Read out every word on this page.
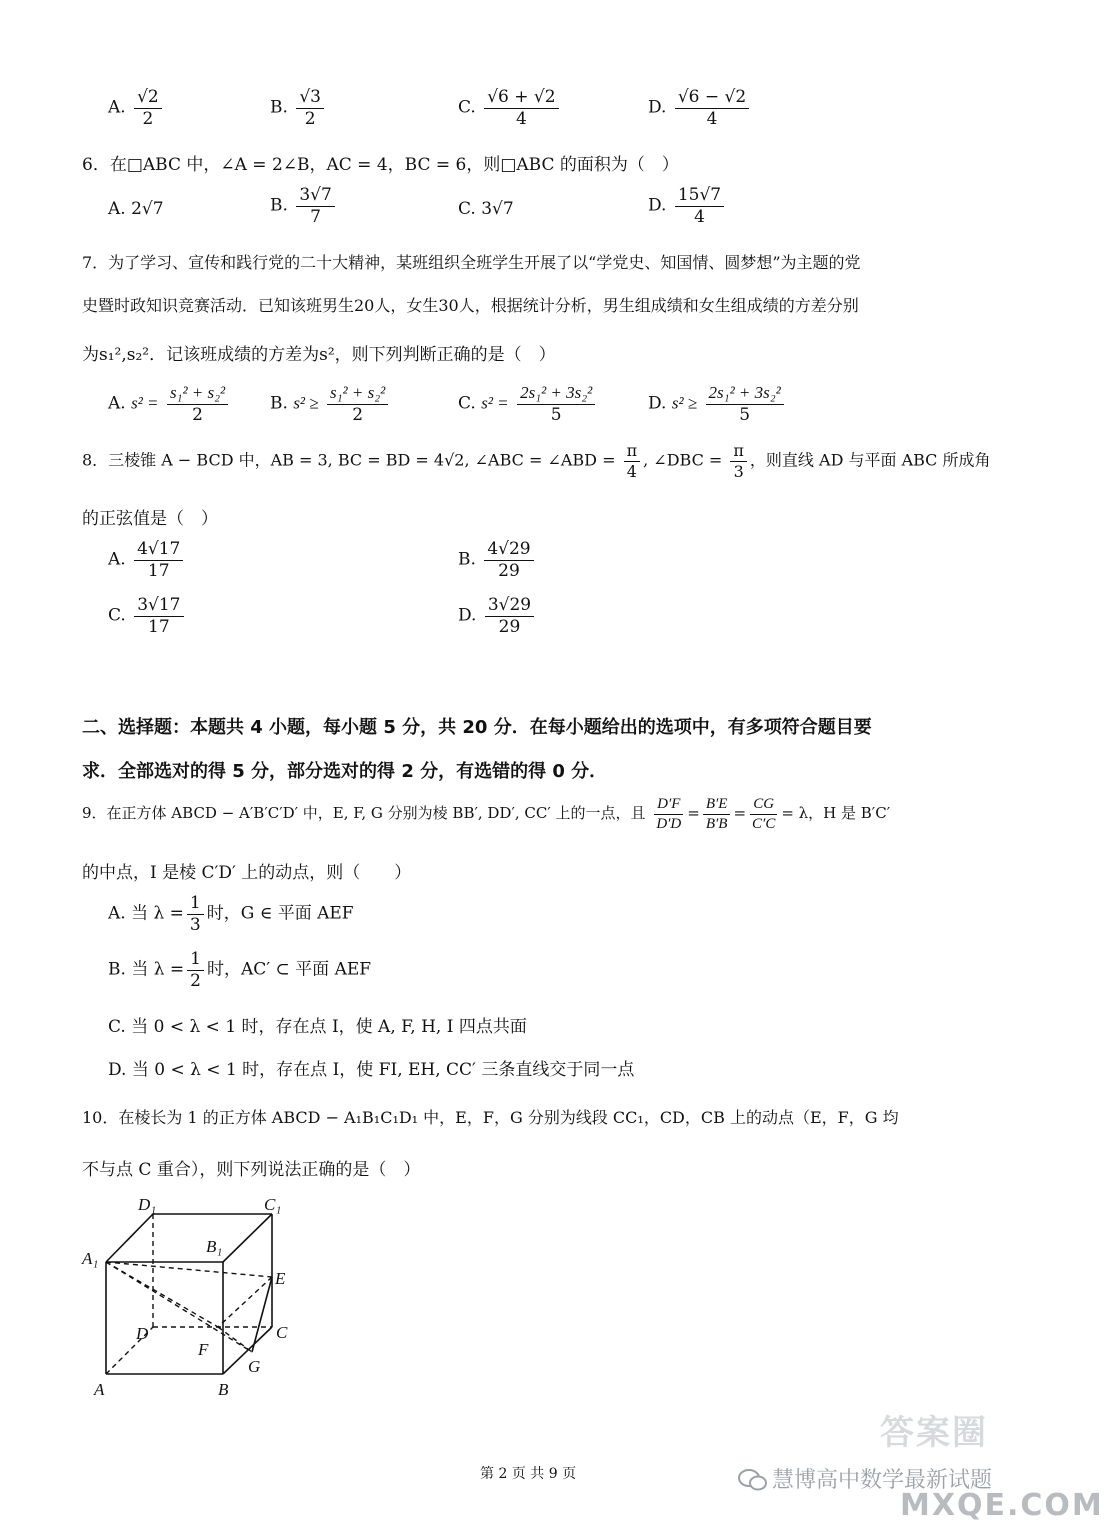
A. $\frac{√2}{2}$	B. $\frac{√3}{2}$	C. $\frac{√6 + √2}{4}$	D. $\frac{√6 - √2}{4}$
6．在□ABC 中，∠A = 2∠B，AC = 4，BC = 6，则□ABC 的面积为（　）
A. 2√7	B. $\frac{3√7}{7}$	C. 3√7	D. $\frac{15√7}{4}$
7．为了学习、宣传和践行党的二十大精神，某班组织全班学生开展了以“学党史、知国情、圆梦想”为主题的党
史暨时政知识竞赛活动．已知该班男生20人，女生30人，根据统计分析，男生组成绩和女生组成绩的方差分别
为s₁²,s₂²．记该班成绩的方差为s²，则下列判断正确的是（　）
A. $s^2 = \frac{\text{s₁² + s₂²}}{2} B$. $s^2 \ge \frac{\text{s₁² + s₂²}}{2}$	C. $s^2 = \frac{\text{2s₁² + 3s₂²}}{5}$	D. $s^2 \ge \frac{\text{2s₁² + 3s₂²}}{5}$
8．三棱锥 A − BCD 中，AB = 3, BC = BD = 4√2, ∠ABC = ∠ABD = $\frac{\pi}{4}$ , ∠DBC = $\frac{\pi}{3}$ ，则直线 AD 与平面 ABC 所成角
的正弦值是（　）
A. $\frac{4√17}{17}$	B. $\frac{4√29}{29}$
C. $\frac{3√17}{17}$	D. $\frac{3√29}{29}$
二、选择题：本题共 4 小题，每小题 5 分，共 20 分．在每小题给出的选项中，有多项符合题目要
求．全部选对的得 5 分，部分选对的得 2 分，有选错的得 0 分．
9．在正方体 ABCD − A′B′C′D′ 中，E, F, G 分别为棱 BB′, DD′, CC′ 上的一点，且 $\frac{D'F}{D'D} = \frac{B'E}{B'B} = \frac{CG}{C'C} = \lambda$，H 是 B′C′
的中点，I 是棱 C′D′ 上的动点，则（　　）
A. 当 $\lambda = \frac{1}{3}$ 时，G ∈ 平面 AEF
B. 当 $\lambda = \frac{1}{2}$ 时，AC′ ⊂ 平面 AEF
C. 当 0 < λ < 1 时，存在点 I，使 A, F, H, I 四点共面
D. 当 0 < λ < 1 时，存在点 I，使 FI, EH, CC′ 三条直线交于同一点
10．在棱长为 1 的正方体 ABCD − A₁B₁C₁D₁ 中，E，F，G 分别为线段 CC₁，CD，CB 上的动点（E，F，G 均
不与点 C 重合），则下列说法正确的是（　）
D₁	C₁
B₁
A₁
E
D	C
F
G
A	B
第 2 页 共 9 页	慧博高中数学最新试题
答案圈
MXQE.COM
